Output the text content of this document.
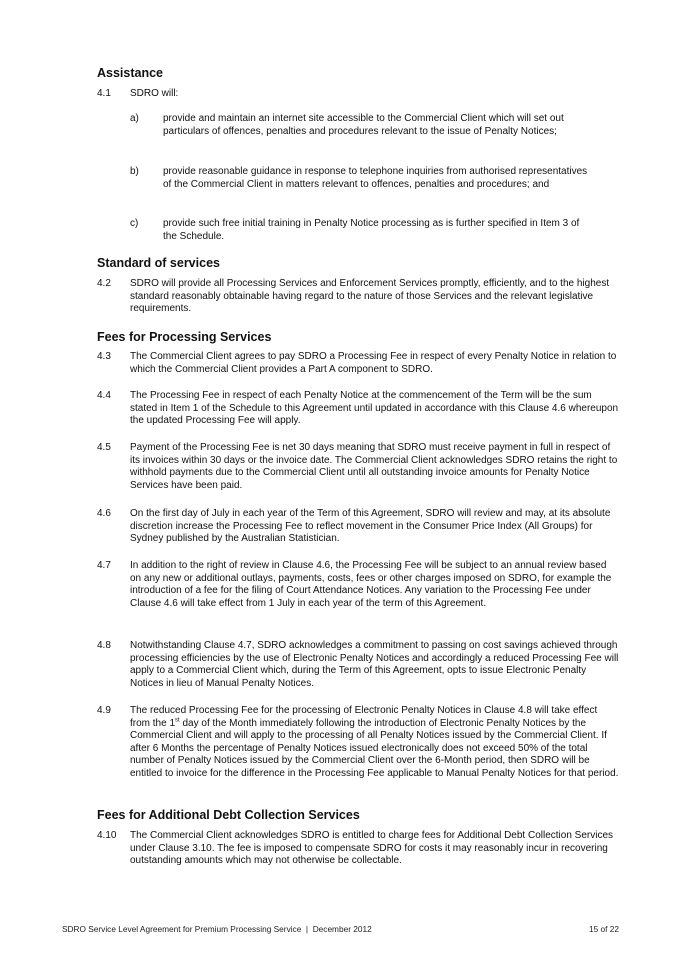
Assistance
4.1 SDRO will:

a) provide and maintain an internet site accessible to the Commercial Client which will set out particulars of offences, penalties and procedures relevant to the issue of Penalty Notices;

b) provide reasonable guidance in response to telephone inquiries from authorised representatives of the Commercial Client in matters relevant to offences, penalties and procedures; and

c) provide such free initial training in Penalty Notice processing as is further specified in Item 3 of the Schedule.

Standard of services
4.2 SDRO will provide all Processing Services and Enforcement Services promptly, efficiently, and to the highest standard reasonably obtainable having regard to the nature of those Services and the relevant legislative requirements.

Fees for Processing Services
4.3 The Commercial Client agrees to pay SDRO a Processing Fee in respect of every Penalty Notice in relation to which the Commercial Client provides a Part A component to SDRO.

4.4 The Processing Fee in respect of each Penalty Notice at the commencement of the Term will be the sum stated in Item 1 of the Schedule to this Agreement until updated in accordance with this Clause 4.6 whereupon the updated Processing Fee will apply.

4.5 Payment of the Processing Fee is net 30 days meaning that SDRO must receive payment in full in respect of its invoices within 30 days or the invoice date. The Commercial Client acknowledges SDRO retains the right to withhold payments due to the Commercial Client until all outstanding invoice amounts for Penalty Notice Services have been paid.

4.6 On the first day of July in each year of the Term of this Agreement, SDRO will review and may, at its absolute discretion increase the Processing Fee to reflect movement in the Consumer Price Index (All Groups) for Sydney published by the Australian Statistician.

4.7 In addition to the right of review in Clause 4.6, the Processing Fee will be subject to an annual review based on any new or additional outlays, payments, costs, fees or other charges imposed on SDRO, for example the introduction of a fee for the filing of Court Attendance Notices. Any variation to the Processing Fee under Clause 4.6 will take effect from 1 July in each year of the term of this Agreement.

4.8 Notwithstanding Clause 4.7, SDRO acknowledges a commitment to passing on cost savings achieved through processing efficiencies by the use of Electronic Penalty Notices and accordingly a reduced Processing Fee will apply to a Commercial Client which, during the Term of this Agreement, opts to issue Electronic Penalty Notices in lieu of Manual Penalty Notices.

4.9 The reduced Processing Fee for the processing of Electronic Penalty Notices in Clause 4.8 will take effect from the 1st day of the Month immediately following the introduction of Electronic Penalty Notices by the Commercial Client and will apply to the processing of all Penalty Notices issued by the Commercial Client. If after 6 Months the percentage of Penalty Notices issued electronically does not exceed 50% of the total number of Penalty Notices issued by the Commercial Client over the 6-Month period, then SDRO will be entitled to invoice for the difference in the Processing Fee applicable to Manual Penalty Notices for that period.

Fees for Additional Debt Collection Services
4.10 The Commercial Client acknowledges SDRO is entitled to charge fees for Additional Debt Collection Services under Clause 3.10. The fee is imposed to compensate SDRO for costs it may reasonably incur in recovering outstanding amounts which may not otherwise be collectable.

SDRO Service Level Agreement for Premium Processing Service  |  December 2012	15 of 22
